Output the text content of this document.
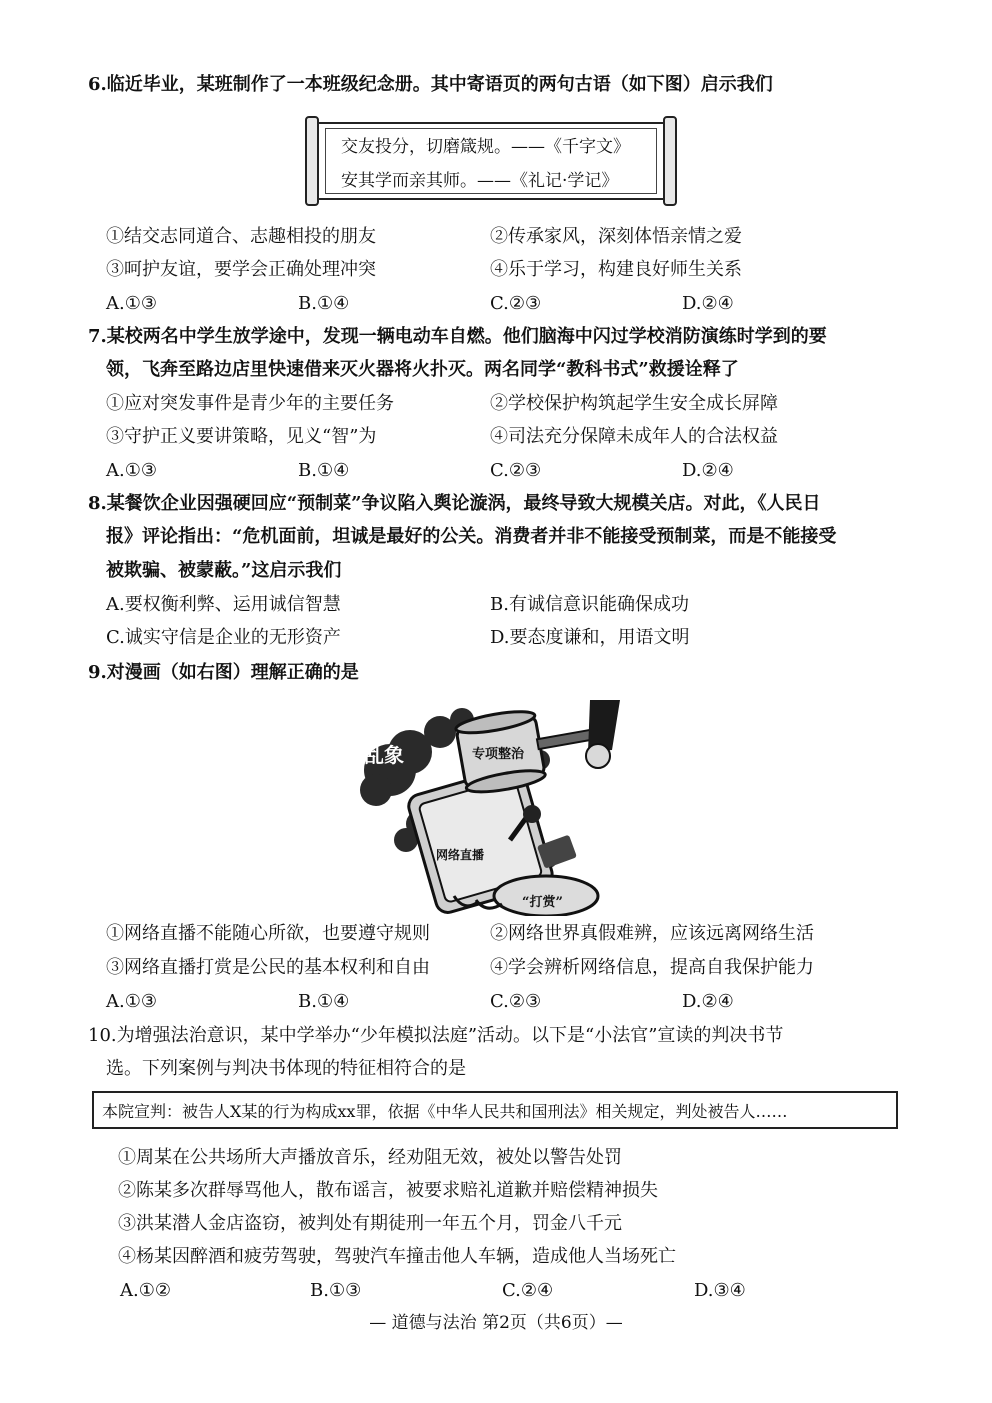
6.临近毕业，某班制作了一本班级纪念册。其中寄语页的两句古语（如下图）启示我们
交友投分，切磨箴规。——《千字文》
安其学而亲其师。——《礼记·学记》
①结交志同道合、志趣相投的朋友	②传承家风，深刻体悟亲情之爱
③呵护友谊，要学会正确处理冲突	④乐于学习，构建良好师生关系
A.①③	B.①④	C.②③	D.②④
7.某校两名中学生放学途中，发现一辆电动车自燃。他们脑海中闪过学校消防演练时学到的要
领，飞奔至路边店里快速借来灭火器将火扑灭。两名同学“教科书式”救援诠释了
①应对突发事件是青少年的主要任务	②学校保护构筑起学生安全成长屏障
③守护正义要讲策略，见义“智”为	④司法充分保障未成年人的合法权益
A.①③	B.①④	C.②③	D.②④
8.某餐饮企业因强硬回应“预制菜”争议陷入舆论漩涡，最终导致大规模关店。对此，《人民日
报》评论指出：“危机面前，坦诚是最好的公关。消费者并非不能接受预制菜，而是不能接受
被欺骗、被蒙蔽。”这启示我们
A.要权衡利弊、运用诚信智慧	B.有诚信意识能确保成功
C.诚实守信是企业的无形资产	D.要态度谦和，用语文明
9.对漫画（如右图）理解正确的是
乱象	专项整治
网络直播
“打赏”
①网络直播不能随心所欲，也要遵守规则	②网络世界真假难辨，应该远离网络生活
③网络直播打赏是公民的基本权利和自由	④学会辨析网络信息，提高自我保护能力
A.①③	B.①④	C.②③	D.②④
10.为增强法治意识，某中学举办“少年模拟法庭”活动。以下是“小法官”宣读的判决书节
选。下列案例与判决书体现的特征相符合的是
本院宣判：被告人X某的行为构成xx罪，依据《中华人民共和国刑法》相关规定，判处被告人……
①周某在公共场所大声播放音乐，经劝阻无效，被处以警告处罚
②陈某多次群辱骂他人，散布谣言，被要求赔礼道歉并赔偿精神损失
③洪某潜人金店盗窃，被判处有期徒刑一年五个月，罚金八千元
④杨某因醉酒和疲劳驾驶，驾驶汽车撞击他人车辆，造成他人当场死亡
A.①②	B.①③	C.②④	D.③④
— 道德与法治 第2页（共6页）—
